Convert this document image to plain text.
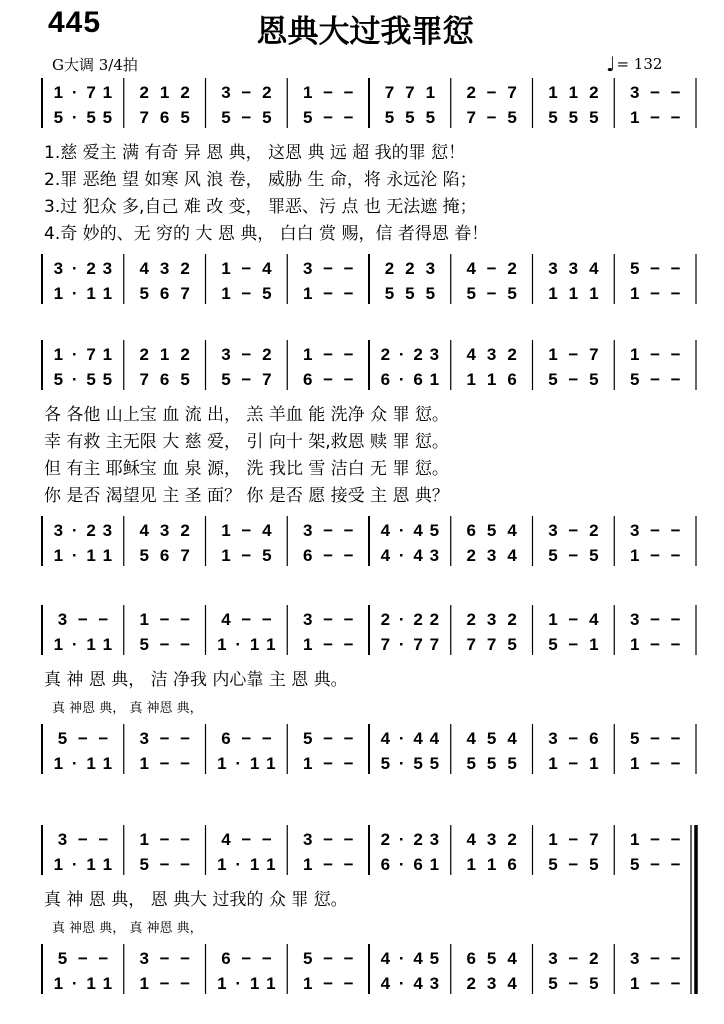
445	恩典大过我罪愆
G大调 3/4拍	♩= 132
1 · 7 1 2 1 2 3 − 2 1 − − 7 7 1 2 − 7 1 1 2 3 − −
5 · 5 5 7 6 5 5 − 5 5 − − 5 5 5 7 − 5 5 5 5 1 − −
3 · 2 3 4 3 2 1 − 4 3 − − 2 2 3 4 − 2 3 3 4 5 − −
1 · 1 1 5 6 7 1 − 5 1 − − 5 5 5 5 − 5 1 1 1 1 − −
1.慈 爱主 满 有奇 异 恩 典， 这恩 典 远 超 我的罪 愆！
2.罪 恶绝 望 如寒 风 浪 卷， 威胁 生 命，将 永远沦 陷；
3.过 犯众 多,自己 难 改 变， 罪恶、污 点 也 无法遮 掩；
4.奇 妙的、无 穷的 大 恩 典， 白白 赏 赐，信 者得恩 眷！
1 · 7 1 2 1 2 3 − 2 1 − − 2 · 2 3 4 3 2 1 − 7 1 − −
5 · 5 5 7 6 5 5 − 7 6 − − 6 · 6 1 1 1 6 5 − 5 5 − −
3 · 2 3 4 3 2 1 − 4 3 − − 4 · 4 5 6 5 4 3 − 2 3 − −
1 · 1 1 5 6 7 1 − 5 6 − − 4 · 4 3 2 3 4 5 − 5 1 − −
各 各他 山上宝 血 流 出， 羔 羊血 能 洗净 众 罪 愆。
幸 有救 主无限 大 慈 爱， 引 向十 架,救恩 赎 罪 愆。
但 有主 耶稣宝 血 泉 源， 洗 我比 雪 洁白 无 罪 愆。
你 是否 渴望见 主 圣 面？ 你 是否 愿 接受 主 恩 典？
3 − − 1 − − 4 − − 3 − − 2 · 2 2 2 3 2 1 − 4 3 − −
1 · 1 1 5 − − 1 · 1 1 1 − − 7 · 7 7 7 7 5 5 − 1 1 − −
5 − − 3 − − 6 − − 5 − − 4 · 4 4 4 5 4 3 − 6 5 − −
1 · 1 1 1 − − 1 · 1 1 1 − − 5 · 5 5 5 5 5 1 − 1 1 − −
真 神 恩 典， 洁 净我 内心靠 主 恩 典。
真 神恩 典， 真 神恩 典，
3 − − 1 − − 4 − − 3 − − 2 · 2 3 4 3 2 1 − 7 1 − −
1 · 1 1 5 − − 1 · 1 1 1 − − 6 · 6 1 1 1 6 5 − 5 5 − −
5 − − 3 − − 6 − − 5 − − 4 · 4 5 6 5 4 3 − 2 3 − −
1 · 1 1 1 − − 1 · 1 1 1 − − 4 · 4 3 2 3 4 5 − 5 1 − −
真 神 恩 典， 恩 典大 过我的 众 罪 愆。
真 神恩 典， 真 神恩 典，
